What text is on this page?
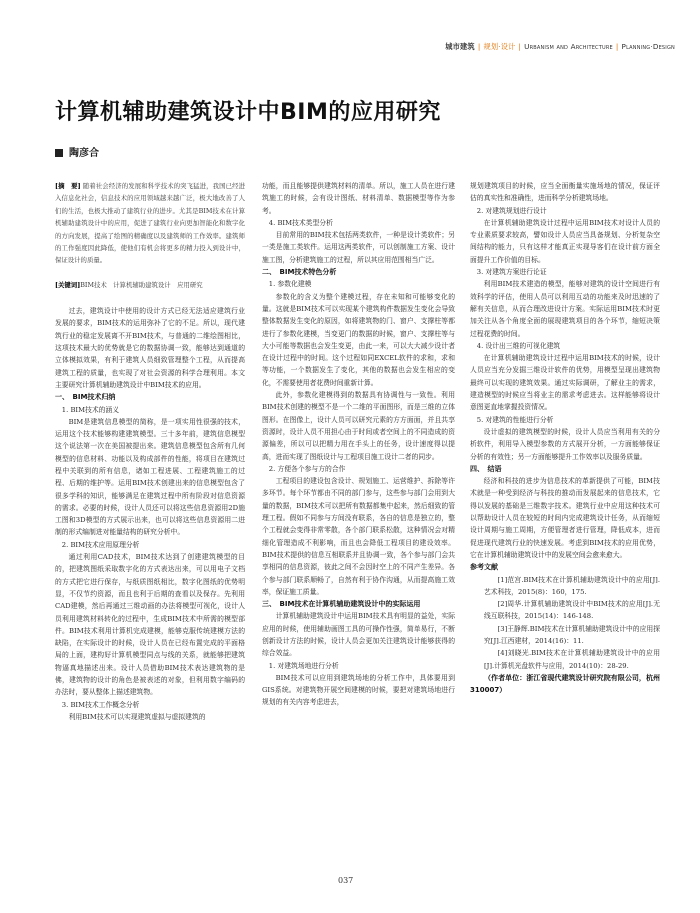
城市建筑 | 规划·设计 | Urbanism and Architecture | Planning·Design
计算机辅助建筑设计中BIM的应用研究
陶彦合
[摘　要] 随着社会经济的发展和科学技术的突飞猛进，我国已经进入信息化社会，信息技术的应用领域越来越广泛，极大地改善了人们的生活，也极大推动了建筑行业的进步。尤其是BIM技术在计算机辅助建筑设计中的应用，促进了建筑行业向更加智能化和数字化的方向发展，提高了绘图的精确度以及建筑师的工作效率。建筑师的工作强度因此降低，使他们有机会将更多的精力投入到设计中，保证设计的质量。
[关键词]BIM技术　计算机辅助建筑设计　应用研究

过去，建筑设计中使用的设计方式已经无法适应建筑行业发展的要求，BIM技术的运用弥补了它的不足。所以，现代建筑行业的稳定发展离不开BIM技术，与普通的二维绘图相比，这项技术最大的优势就是它的数据协调一致，能够达到通道的立体模拟效果，有利于建筑人员细致管理整个工程，从而提高建筑工程的质量，也实现了对社会资源的科学合理利用。本文主要研究计算机辅助建筑设计中BIM技术的应用。

一、　BIM技术归纳

1. BIM技术的涵义

BIM是建筑信息模型的简称，是一项实用性很强的技术，运用这个技术能够构建建筑模型。三十多年前，建筑信息模型这个说法第一次在美国被提出来。建筑信息模型包含所有几何模型的信息材料、功能以及构成部件的性能，将项目在建筑过程中关联到的所有信息，诸如工程进展、工程建筑施工的过程、后期的维护等。运用BIM技术创建出来的信息模型包含了很多学科的知识，能够满足在建筑过程中所有阶段对信息资源的需求。必要的时候，设计人员还可以将这些信息资源用2D施工图和3D模型的方式展示出来，也可以将这些信息资源用二进制的形式编制进对能量结构的研究分析中。

2. BIM技术应用原理分析

通过利用CAD技术，BIM技术达到了创建建筑模型的目的，把建筑图纸采取数字化的方式表达出来，可以用电子文档的方式把它进行保存，与纸质图纸相比，数字化图纸的优势明显，不仅节约资源，而且也利于后期的查看以及保存。先利用CAD建模，然后再通过三维动画的办法将模型可视化，设计人员利用建筑材料转化的过程中，生成BIM技术中所需的模型部件。BIM技术利用计算机完成建模，能够克服传统建模方法的缺陷，在实际设计的时候，设计人员在已经布置完成的平面格局的上面，建构好计算机模型同点与线的关系，就能够把建筑物逼真地描述出来。设计人员借助BIM技术表达建筑物的是佛，建筑物的设计的角色是被表述的对象，但利用数字编码的办法时，要从整体上描述建筑物。

3. BIM技术工作概念分析

利用BIM技术可以实现建筑虚拟与虚拟建筑的

功能，而且能够提供建筑材料的清单。所以，施工人员在进行建筑施工的时候，会有设计图纸、材料清单、数据模型等作为参考。

4. BIM技术类型分析

目前常用的BIM技术包括两类软件，一种是设计类软件；另一类是施工类软件。运用这两类软件，可以创制施工方案、设计施工图，分析建筑施工的过程，所以其应用范围相当广泛。

二、　BIM技术特色分析

1. 参数化建模

参数化的含义为整个建模过程，存在未知和可能够变化的量。这就是BIM技术可以实现某个建筑构件数据发生变化会导致整体数据发生变化的原因，如将建筑物的门、窗户、支撑柱等都进行了参数化建模，当变更门的数据的时候，窗户、支撑柱等与大小可能等数据也会发生变更，由此一来，可以大大减少设计者在设计过程中的时间。这个过程如同EXCEL软件的求和，求和等功能，一个数据发生了变化，其他的数据也会发生相应的变化，不需要使用者花费时间重新计算。

此外，参数化建模得到的数据具有协调性与一致性。利用BIM技术创建的模型不是一个二维的平面图形，而是三维的立体图形。在图像上，设计人员可以研究元素的方方面面，并且共享资源时，设计人员不用担心由于时间或者空间上的不同造成的资源偏差，所以可以把精力用在手头上的任务，设计速度得以提高，进而实现了图纸设计与工程项目施工设计二者的同步。

2. 方便各个参与方的合作

工程项目的建设包含设计、规划施工、运营维护、拆除等许多环节。每个环节都由不同的部门参与，这些参与部门会用到大量的数据，BIM技术可以把所有数据都集中起来，然后细致的管理工程。假如不同参与方间没有联系，各自的信息是独立的，整个工程就会变得非常零散，各个部门联系松散，这种情况会对精细化管理造成不利影响，而且也会降低工程项目的建设效率。BIM技术提供的信息互相联系并且协调一致，各个参与部门会共享相同的信息资源，彼此之间不会因时空上的不同产生差异。各个参与部门联系顺畅了，自然有利于协作沟通，从而提高施工效率，保证施工质量。

三、　BIM技术在计算机辅助建筑设计中的实际运用

计算机辅助建筑设计中运用BIM技术具有明显的益处，实际应用的时候，使用辅助画图工具的可操作性强，简单易行，不断创新设计方法的时候，设计人员会更加关注建筑设计能够获得的综合效益。

1. 对建筑场地进行分析

BIM技术可以应用到建筑场地的分析工作中，具体要用到GIS系统。对建筑物开展空间建模的时候，要把对建筑场地进行规划的有关内容考虑进去，

规划建筑项目的时候，应当全面衡量实施场地的情况，保证评估的真实性和准确性，进而科学分析建筑场地。

2. 对建筑规划进行设计

在计算机辅助建筑设计过程中运用BIM技术对设计人员的专业素质要求较高，譬如设计人员应当具备规划、分析复杂空间结构的能力，只有这样才能真正实现导客们在设计前方面全面提升工作价值的目标。

3. 对建筑方案进行论证

利用BIM技术建造的模型，能够对建筑的设计空间进行有效科学的评估，使用人员可以利用互动的功能来及时迅速的了解有关信息，从而合理改进设计方案。实际运用BIM技术时更加关注从各个角度全面的展现建筑项目的各个环节，缩短决策过程花费的时间。

4. 设计出三维的可视化建筑

在计算机辅助建筑设计过程中运用BIM技术的时候，设计人员应当充分发掘三维设计软件的优势，用模型呈现出建筑物最终可以实现的建筑效果。通过实际调研，了解业主的需求，建造模型的时候应当将业主的需求考虑进去。这样能够将设计意图更直地掌握投资情况。

5. 对建筑的性能进行分析

设计虚拟的建筑模型的时候，设计人员应当利用有关的分析软件，利用导入模型参数的方式展开分析，一方面能够保证分析的有效性；另一方面能够提升工作效率以及服务质量。

四、　结语

经济和科技的进步为信息技术的革新提供了可能，BIM技术就是一种受到经济与科技的推动而发展起来的信息技术，它得以发展的基础是三维数字技术。建筑行业中应用这种技术可以帮助设计人员在较短的时间内完成建筑设计任务，从而缩短设计周期与施工周期，方便管理者进行管理，降低成本，进而促进现代建筑行业的快速发展。考虑到BIM技术的应用优势，它在计算机辅助建筑设计中的发展空间会愈来愈大。

参考文献

[1]范宫.BIM技术在计算机辅助建筑设计中的应用[J].艺术科技，2015(8)：160，175.

[2]周华.计算机辅助建筑设计中BIM技术的应用[J].无线互联科技，2015(14)：146-148.

[3]王静辉.BIM技术在计算机辅助建筑设计中的应用探究[J].江西建材，2014(16)：11.

[4]刘晓光.BIM技术在计算机辅助建筑设计中的应用[J].计算机光盘软件与应用，2014(10)：28-29.

（作者单位：浙江省现代建筑设计研究院有限公司，杭州 310007）

037
